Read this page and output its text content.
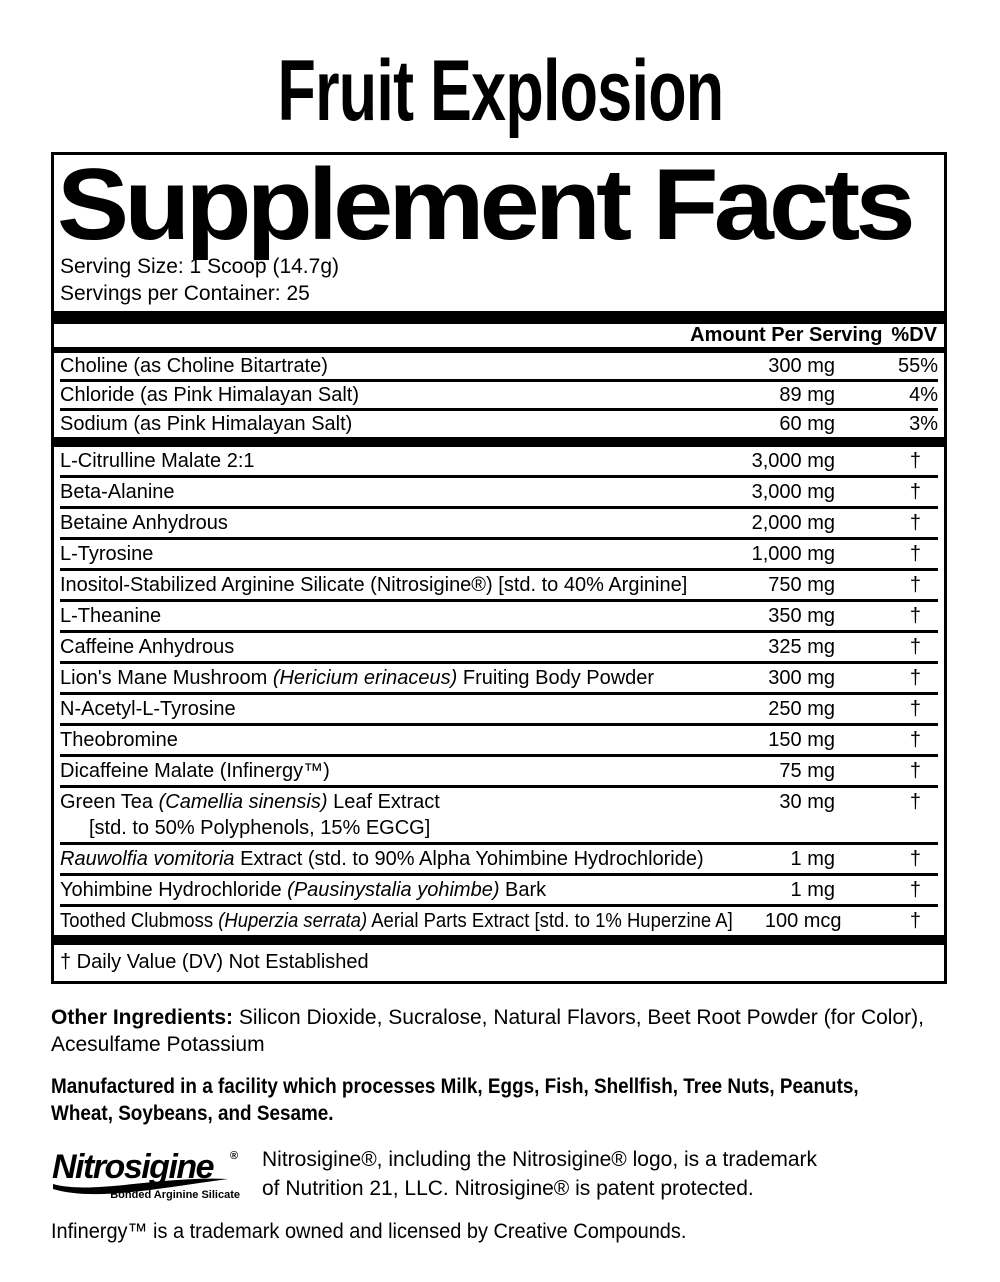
Fruit Explosion
Supplement Facts
Serving Size: 1 Scoop (14.7g)
Servings per Container: 25
Amount Per Serving %DV
Choline (as Choline Bitartrate)	300 mg	55%
Chloride (as Pink Himalayan Salt)	89 mg	4%
Sodium (as Pink Himalayan Salt)	60 mg	3%
L-Citrulline Malate 2:1	3,000 mg	†
Beta-Alanine	3,000 mg	†
Betaine Anhydrous	2,000 mg	†
L-Tyrosine	1,000 mg	†
Inositol-Stabilized Arginine Silicate (Nitrosigine®) [std. to 40% Arginine]	750 mg	†
L-Theanine	350 mg	†
Caffeine Anhydrous	325 mg	†
Lion's Mane Mushroom (Hericium erinaceus) Fruiting Body Powder	300 mg	†
N-Acetyl-L-Tyrosine	250 mg	†
Theobromine	150 mg	†
Dicaffeine Malate (Infinergy™)	75 mg	†
Green Tea (Camellia sinensis) Leaf Extract
[std. to 50% Polyphenols, 15% EGCG]
30 mg	†
Rauwolfia vomitoria Extract (std. to 90% Alpha Yohimbine Hydrochloride)	1 mg	†
Yohimbine Hydrochloride (Pausinystalia yohimbe) Bark	1 mg	†
Toothed Clubmoss (Huperzia serrata) Aerial Parts Extract [std. to 1% Huperzine A]	100 mcg	†
† Daily Value (DV) Not Established

Other Ingredients: Silicon Dioxide, Sucralose, Natural Flavors, Beet Root Powder (for Color), Acesulfame Potassium

Manufactured in a facility which processes Milk, Eggs, Fish, Shellfish, Tree Nuts, Peanuts, Wheat, Soybeans, and Sesame.

Nitrosigine ®
Bonded Arginine Silicate

Nitrosigine®, including the Nitrosigine® logo, is a trademark of Nutrition 21, LLC. Nitrosigine® is patent protected.

Infinergy™ is a trademark owned and licensed by Creative Compounds.
